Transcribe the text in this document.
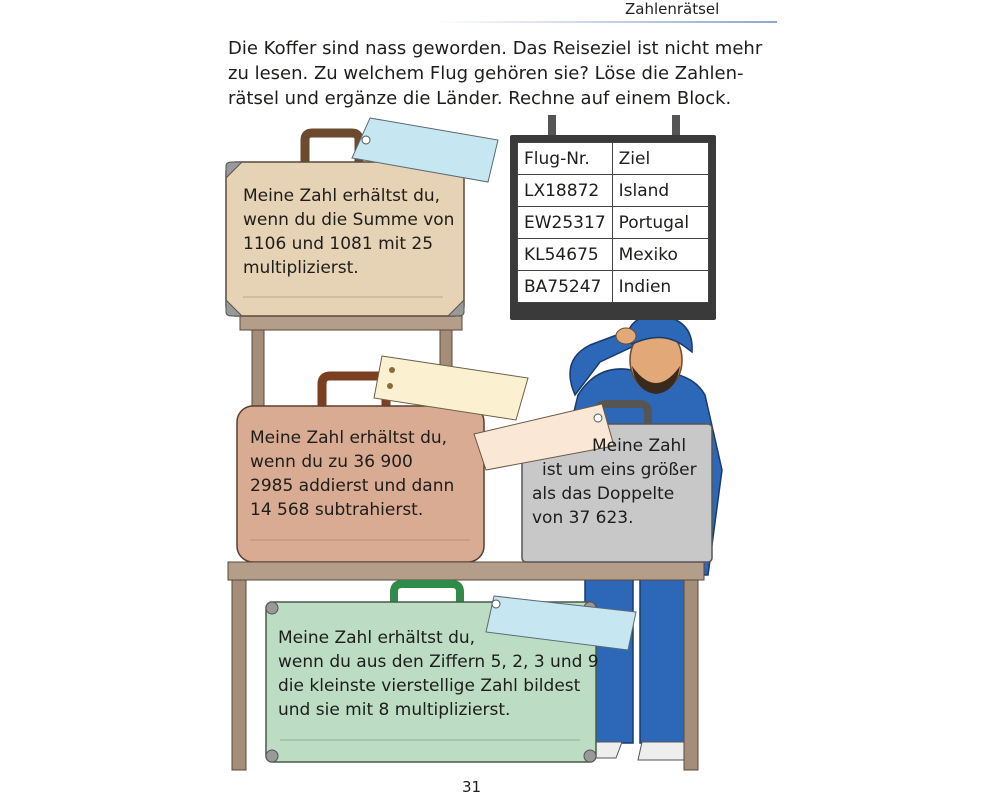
Zahlenrätsel
Die Koffer sind nass geworden. Das Reiseziel ist nicht mehr
zu lesen. Zu welchem Flug gehören sie? Löse die Zahlen-
rätsel und ergänze die Länder. Rechne auf einem Block.
Flug-Nr.	Ziel
LX18872	Island
EW25317	Portugal
KL54675	Mexiko
BA75247	Indien
Meine Zahl erhältst du,
wenn du die Summe von
1106 und 1081 mit 25
multiplizierst.
Meine Zahl erhältst du,
wenn du zu 36 900
2985 addierst und dann
14 568 subtrahierst.
Meine Zahl
ist um eins größer
als das Doppelte
von 37 623.
Meine Zahl erhältst du,
wenn du aus den Ziffern 5, 2, 3 und 9
die kleinste vierstellige Zahl bildest
und sie mit 8 multiplizierst.
31
